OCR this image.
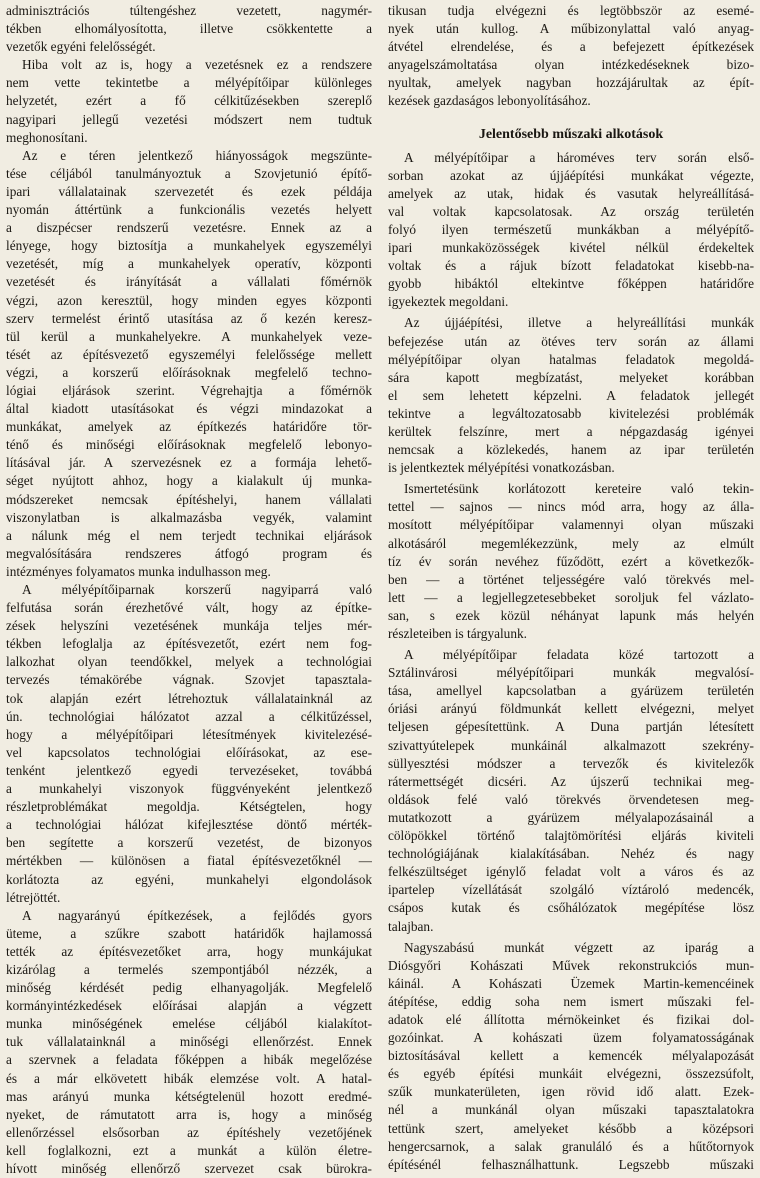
adminisztrációs túltengéshez vezetett, nagymér-
tékben elhomályosította, illetve csökkentette a
vezetők egyéni felelősségét.
Hiba volt az is, hogy a vezetésnek ez a rendszere
nem vette tekintetbe a mélyépítőipar különleges
helyzetét, ezért a fő célkitűzésekben szereplő
nagyipari jellegű vezetési módszert nem tudtuk
meghonosítani.
Az e téren jelentkező hiányosságok megszünte-
tése céljából tanulmányoztuk a Szovjetunió építő-
ipari vállalatainak szervezetét és ezek példája
nyomán áttértünk a funkcionális vezetés helyett
a diszpécser rendszerű vezetésre. Ennek az a
lényege, hogy biztosítja a munkahelyek egyszemélyi
vezetését, míg a munkahelyek operatív, központi
vezetését és irányítását a vállalati főmérnök
végzi, azon keresztül, hogy minden egyes központi
szerv termelést érintő utasítása az ő kezén keresz-
tül kerül a munkahelyekre. A munkahelyek veze-
tését az építésvezető egyszemélyi felelőssége mellett
végzi, a korszerű előírásoknak megfelelő techno-
lógiai eljárások szerint. Végrehajtja a főmérnök
által kiadott utasításokat és végzi mindazokat a
munkákat, amelyek az építkezés határidőre tör-
ténő és minőségi előírásoknak megfelelő lebonyo-
lításával jár. A szervezésnek ez a formája lehető-
séget nyújtott ahhoz, hogy a kialakult új munka-
módszereket nemcsak építéshelyi, hanem vállalati
viszonylatban is alkalmazásba vegyék, valamint
a nálunk még el nem terjedt technikai eljárások
megvalósítására rendszeres átfogó program és
intézményes folyamatos munka indulhasson meg.
A mélyépítőiparnak korszerű nagyiparrá való
felfutása során érezhetővé vált, hogy az építke-
zések helyszíni vezetésének munkája teljes mér-
tékben lefoglalja az építésvezetőt, ezért nem fog-
lalkozhat olyan teendőkkel, melyek a technológiai
tervezés témakörébe vágnak. Szovjet tapasztala-
tok alapján ezért létrehoztuk vállalatainknál az
ún. technológiai hálózatot azzal a célkitűzéssel,
hogy a mélyépítőipari létesítmények kivitelezésé-
vel kapcsolatos technológiai előírásokat, az ese-
tenként jelentkező egyedi tervezéseket, továbbá
a munkahelyi viszonyok függvényeként jelentkező
részletproblémákat megoldja. Kétségtelen, hogy
a technológiai hálózat kifejlesztése döntő mérték-
ben segítette a korszerű vezetést, de bizonyos
mértékben — különösen a fiatal építésvezetőknél —
korlátozta az egyéni, munkahelyi elgondolások
létrejöttét.
A nagyarányú építkezések, a fejlődés gyors
üteme, a szűkre szabott határidők hajlamossá
tették az építésvezetőket arra, hogy munkájukat
kizárólag a termelés szempontjából nézzék, a
minőség kérdését pedig elhanyagolják. Megfelelő
kormányintézkedések előírásai alapján a végzett
munka minőségének emelése céljából kialakítot-
tuk vállalatainknál a minőségi ellenőrzést. Ennek
a szervnek a feladata főképpen a hibák megelőzése
és a már elkövetett hibák elemzése volt. A hatal-
mas arányú munka kétségtelenül hozott eredmé-
nyeket, de rámutatott arra is, hogy a minőség
ellenőrzéssel elsősorban az építéshely vezetőjének
kell foglalkozni, ezt a munkát a külön életre-
hívott minőség ellenőrző szervezet csak bürokra-
tikusan tudja elvégezni és legtöbbször az esemé-
nyek után kullog. A műbizonylattal való anyag-
átvétel elrendelése, és a befejezett építkezések
anyagelszámoltatása olyan intézkedéseknek bizo-
nyultak, amelyek nagyban hozzájárultak az épít-
kezések gazdaságos lebonyolításához.
Jelentősebb műszaki alkotások
A mélyépítőipar a hároméves terv során első-
sorban azokat az újjáépítési munkákat végezte,
amelyek az utak, hidak és vasutak helyreállításá-
val voltak kapcsolatosak. Az ország területén
folyó ilyen természetű munkákban a mélyépítő-
ipari munkaközösségek kivétel nélkül érdekeltek
voltak és a rájuk bízott feladatokat kisebb-na-
gyobb hibáktól eltekintve főképpen határidőre
igyekeztek megoldani.
Az újjáépítési, illetve a helyreállítási munkák
befejezése után az ötéves terv során az állami
mélyépítőipar olyan hatalmas feladatok megoldá-
sára kapott megbízatást, melyeket korábban
el sem lehetett képzelni. A feladatok jellegét
tekintve a legváltozatosabb kivitelezési problémák
kerültek felszínre, mert a népgazdaság igényei
nemcsak a közlekedés, hanem az ipar területén
is jelentkeztek mélyépítési vonatkozásban.
Ismertetésünk korlátozott kereteire való tekin-
tettel — sajnos — nincs mód arra, hogy az álla-
mosított mélyépítőipar valamennyi olyan műszaki
alkotásáról megemlékezzünk, mely az elmúlt
tíz év során nevéhez fűződött, ezért a következők-
ben — a történet teljességére való törekvés mel-
lett — a legjellegzetesebbeket soroljuk fel vázlato-
san, s ezek közül néhányat lapunk más helyén
részleteiben is tárgyalunk.
A mélyépítőipar feladata közé tartozott a
Sztálinvárosi mélyépítőipari munkák megvalósí-
tása, amellyel kapcsolatban a gyárüzem területén
óriási arányú földmunkát kellett elvégezni, melyet
teljesen gépesítettünk. A Duna partján létesített
szivattyútelepek munkáinál alkalmazott szekrény-
süllyesztési módszer a tervezők és kivitelezők
rátermettségét dicséri. Az újszerű technikai meg-
oldások felé való törekvés örvendetesen meg-
mutatkozott a gyárüzem mélyalapozásainál a
cölöpökkel történő talajtömörítési eljárás kiviteli
technológiájának kialakításában. Nehéz és nagy
felkészültséget igénylő feladat volt a város és az
ipartelep vízellátását szolgáló víztároló medencék,
csápos kutak és csőhálózatok megépítése lösz
talajban.
Nagyszabású munkát végzett az iparág a
Diósgyőri Kohászati Művek rekonstrukciós mun-
káinál. A Kohászati Üzemek Martin-kemencéinek
átépítése, eddig soha nem ismert műszaki fel-
adatok elé állította mérnökeinket és fizikai dol-
gozóinkat. A kohászati üzem folyamatosságának
biztosításával kellett a kemencék mélyalapozását
és egyéb építési munkáit elvégezni, összezsúfolt,
szűk munkaterületen, igen rövid idő alatt. Ezek-
nél a munkánál olyan műszaki tapasztalatokra
tettünk szert, amelyeket később a középsori
hengercsarnok, a salak granuláló és a hűtőtornyok
építésénél felhasználhattunk. Legszebb műszaki
